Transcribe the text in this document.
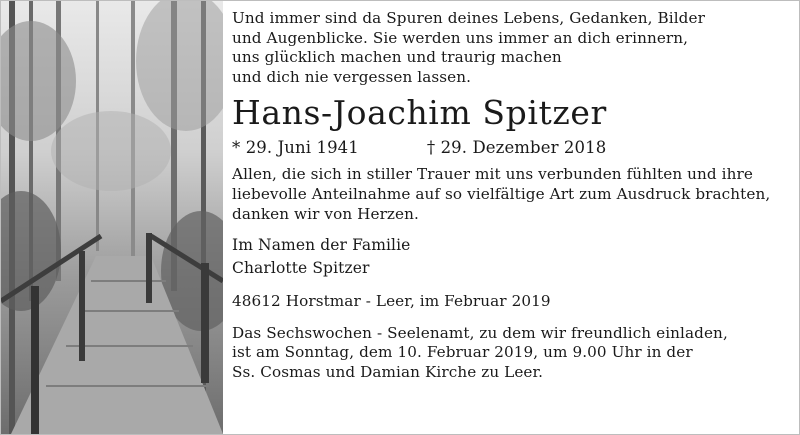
Und immer sind da Spuren deines Lebens, Gedanken, Bilder

und Augenblicke. Sie werden uns immer an dich erinnern,

uns glücklich machen und traurig machen

und dich nie vergessen lassen.

Hans-Joachim Spitzer

* 29. Juni 1941	† 29. Dezember 2018

Allen, die sich in stiller Trauer mit uns verbunden fühlten und ihre

liebevolle Anteilnahme auf so vielfältige Art zum Ausdruck brachten,

danken wir von Herzen.

Im Namen der Familie

Charlotte Spitzer

48612 Horstmar - Leer, im Februar 2019

Das Sechswochen - Seelenamt, zu dem wir freundlich einladen,

ist am Sonntag, dem 10. Februar 2019, um 9.00 Uhr in der

Ss. Cosmas und Damian Kirche zu Leer.
